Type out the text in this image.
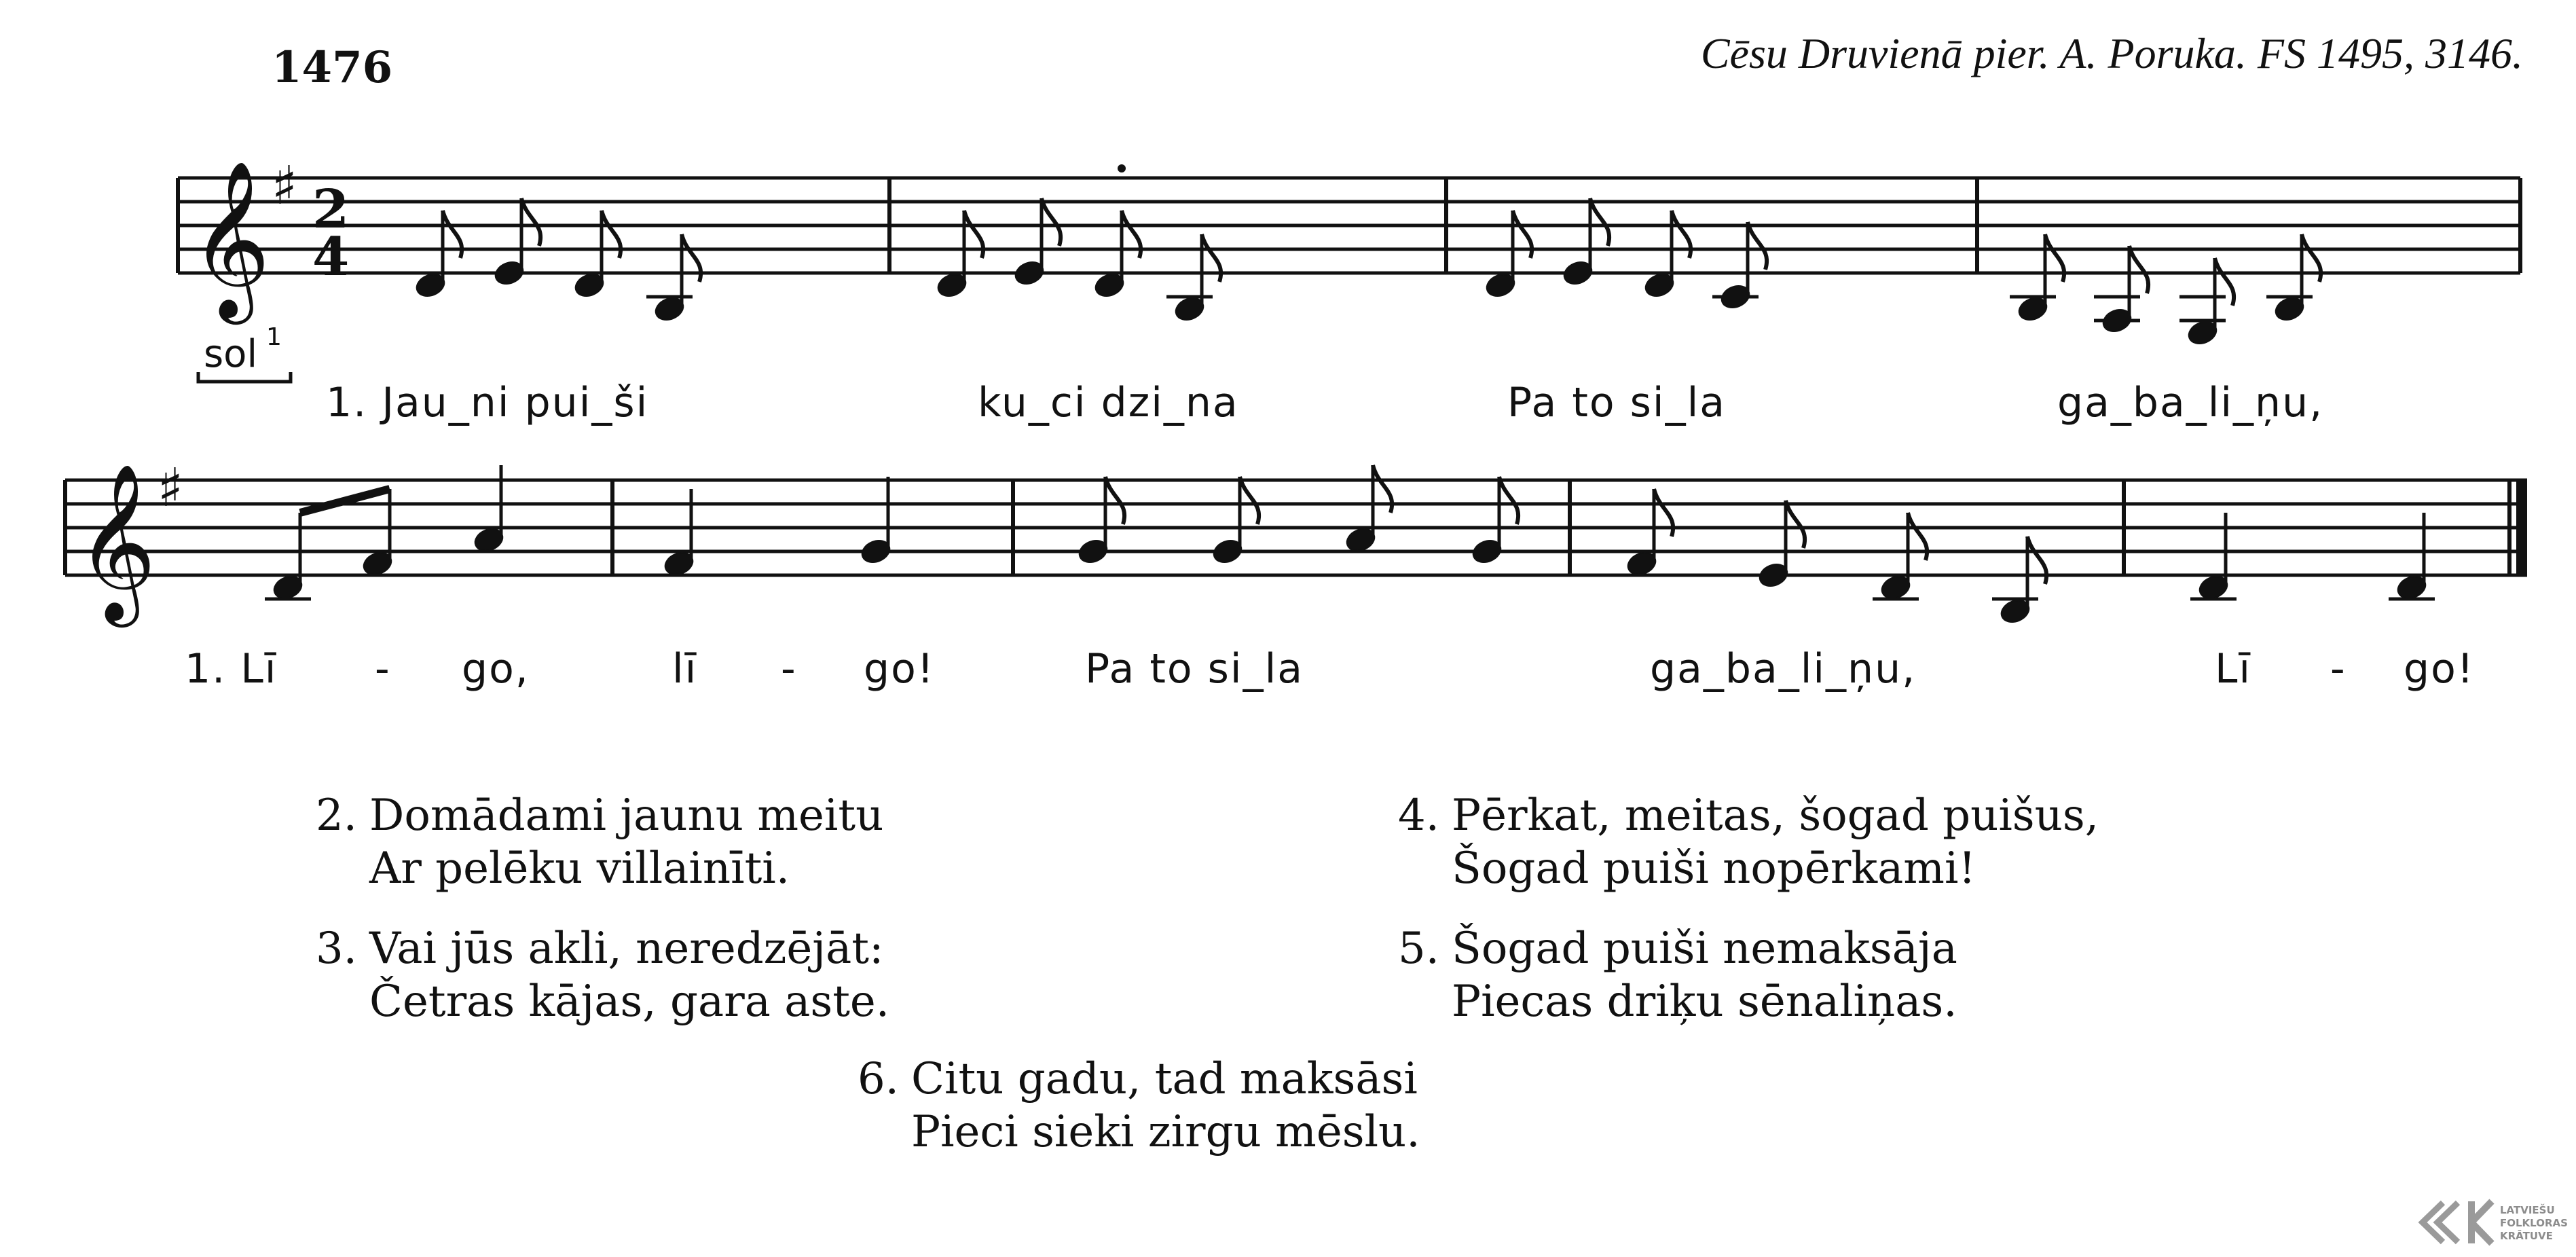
1476	Cēsu Druvienā pier. A. Poruka. FS 1495, 3146.
𝄞 ♯ 2
4
sol 1
𝄞 ♯
1. Jau_ni pui_ši	ku_ci dzi_na	Pa to si_la	ga_ba_li_ņu,
1. Lī - go,	lī - go!	Pa to si_la	ga_ba_li_ņu,	Lī - go!
2. Domādami jaunu meitu
Ar pelēku villainīti.
3. Vai jūs akli, neredzējāt:
Četras kājas, gara aste.
4. Pērkat, meitas, šogad puišus,
Šogad puiši nopērkami!
5. Šogad puiši nemaksāja
Piecas driķu sēnaliņas.
6. Citu gadu, tad maksāsi
Pieci sieki zirgu mēslu.
LATVIEŠU
FOLKLORAS
KRĀTUVE
